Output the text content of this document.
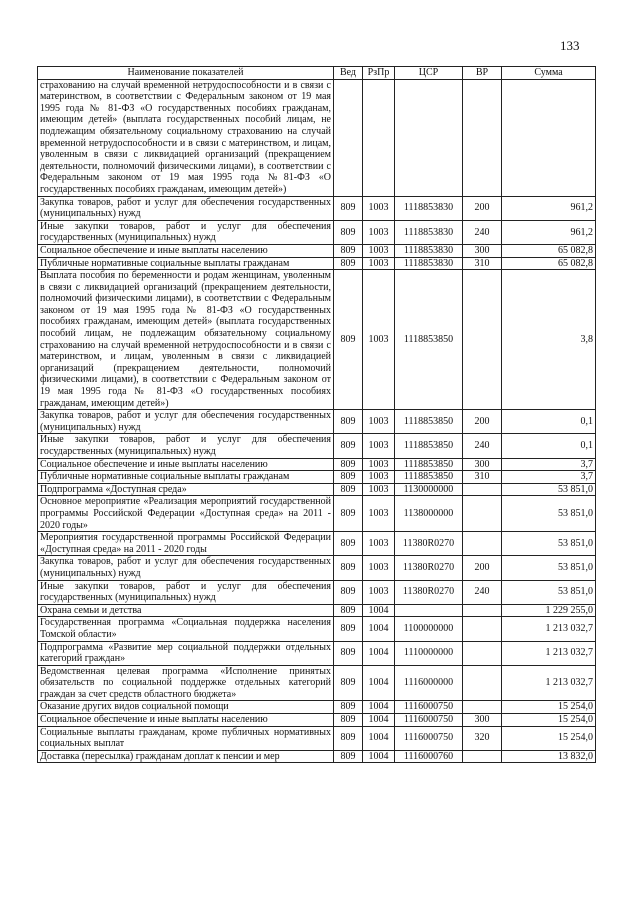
133
Наименование показателей	Вед	РзПр	ЦСР	ВР	Сумма
страхованию на случай временной нетрудоспособности и в связи с материнством, в соответствии с Федеральным законом от 19 мая 1995 года № 81-ФЗ «О государственных пособиях гражданам, имеющим детей» (выплата государственных пособий лицам, не подлежащим обязательному социальному страхованию на случай временной нетрудоспособности и в связи с материнством, и лицам, уволенным в связи с ликвидацией организаций (прекращением деятельности, полномочий физическими лицами), в соответствии с Федеральным законом от 19 мая 1995 года №81-ФЗ «О государственных пособиях гражданам, имеющим детей»)					
Закупка товаров, работ и услуг для обеспечения государственных (муниципальных) нужд	809	1003	1118853830	200	961,2
Иные закупки товаров, работ и услуг для обеспечения государственных (муниципальных) нужд	809	1003	1118853830	240	961,2
Социальное обеспечение и иные выплаты населению	809	1003	1118853830	300	65 082,8
Публичные нормативные социальные выплаты гражданам	809	1003	1118853830	310	65 082,8
Выплата пособия по беременности и родам женщинам, уволенным в связи с ликвидацией организаций (прекращением деятельности, полномочий физическими лицами), в соответствии с Федеральным законом от 19 мая 1995 года № 81-ФЗ «О государственных пособиях гражданам, имеющим детей» (выплата государственных пособий лицам, не подлежащим обязательному социальному страхованию на случай временной нетрудоспособности и в связи с материнством, и лицам, уволенным в связи с ликвидацией организаций (прекращением деятельности, полномочий физическими лицами), в соответствии с Федеральным законом от 19 мая 1995 года № 81-ФЗ «О государственных пособиях гражданам, имеющим детей»)	809	1003	1118853850		3,8
Закупка товаров, работ и услуг для обеспечения государственных (муниципальных) нужд	809	1003	1118853850	200	0,1
Иные закупки товаров, работ и услуг для обеспечения государственных (муниципальных) нужд	809	1003	1118853850	240	0,1
Социальное обеспечение и иные выплаты населению	809	1003	1118853850	300	3,7
Публичные нормативные социальные выплаты гражданам	809	1003	1118853850	310	3,7
Подпрограмма «Доступная среда»	809	1003	1130000000		53 851,0
Основное мероприятие «Реализация мероприятий государственной программы Российской Федерации «Доступная среда» на 2011 - 2020 годы»	809	1003	1138000000		53 851,0
Мероприятия государственной программы Российской Федерации «Доступная среда» на 2011 - 2020 годы	809	1003	11380R0270		53 851,0
Закупка товаров, работ и услуг для обеспечения государственных (муниципальных) нужд	809	1003	11380R0270	200	53 851,0
Иные закупки товаров, работ и услуг для обеспечения государственных (муниципальных) нужд	809	1003	11380R0270	240	53 851,0
Охрана семьи и детства	809	1004			1 229 255,0
Государственная программа «Социальная поддержка населения Томской области»	809	1004	1100000000		1 213 032,7
Подпрограмма «Развитие мер социальной поддержки отдельных категорий граждан»	809	1004	1110000000		1 213 032,7
Ведомственная целевая программа «Исполнение принятых обязательств по социальной поддержке отдельных категорий граждан за счет средств областного бюджета»	809	1004	1116000000		1 213 032,7
Оказание других видов социальной помощи	809	1004	1116000750		15 254,0
Социальное обеспечение и иные выплаты населению	809	1004	1116000750	300	15 254,0
Социальные выплаты гражданам, кроме публичных нормативных социальных выплат	809	1004	1116000750	320	15 254,0
Доставка (пересылка) гражданам доплат к пенсии и мер	809	1004	1116000760		13 832,0
